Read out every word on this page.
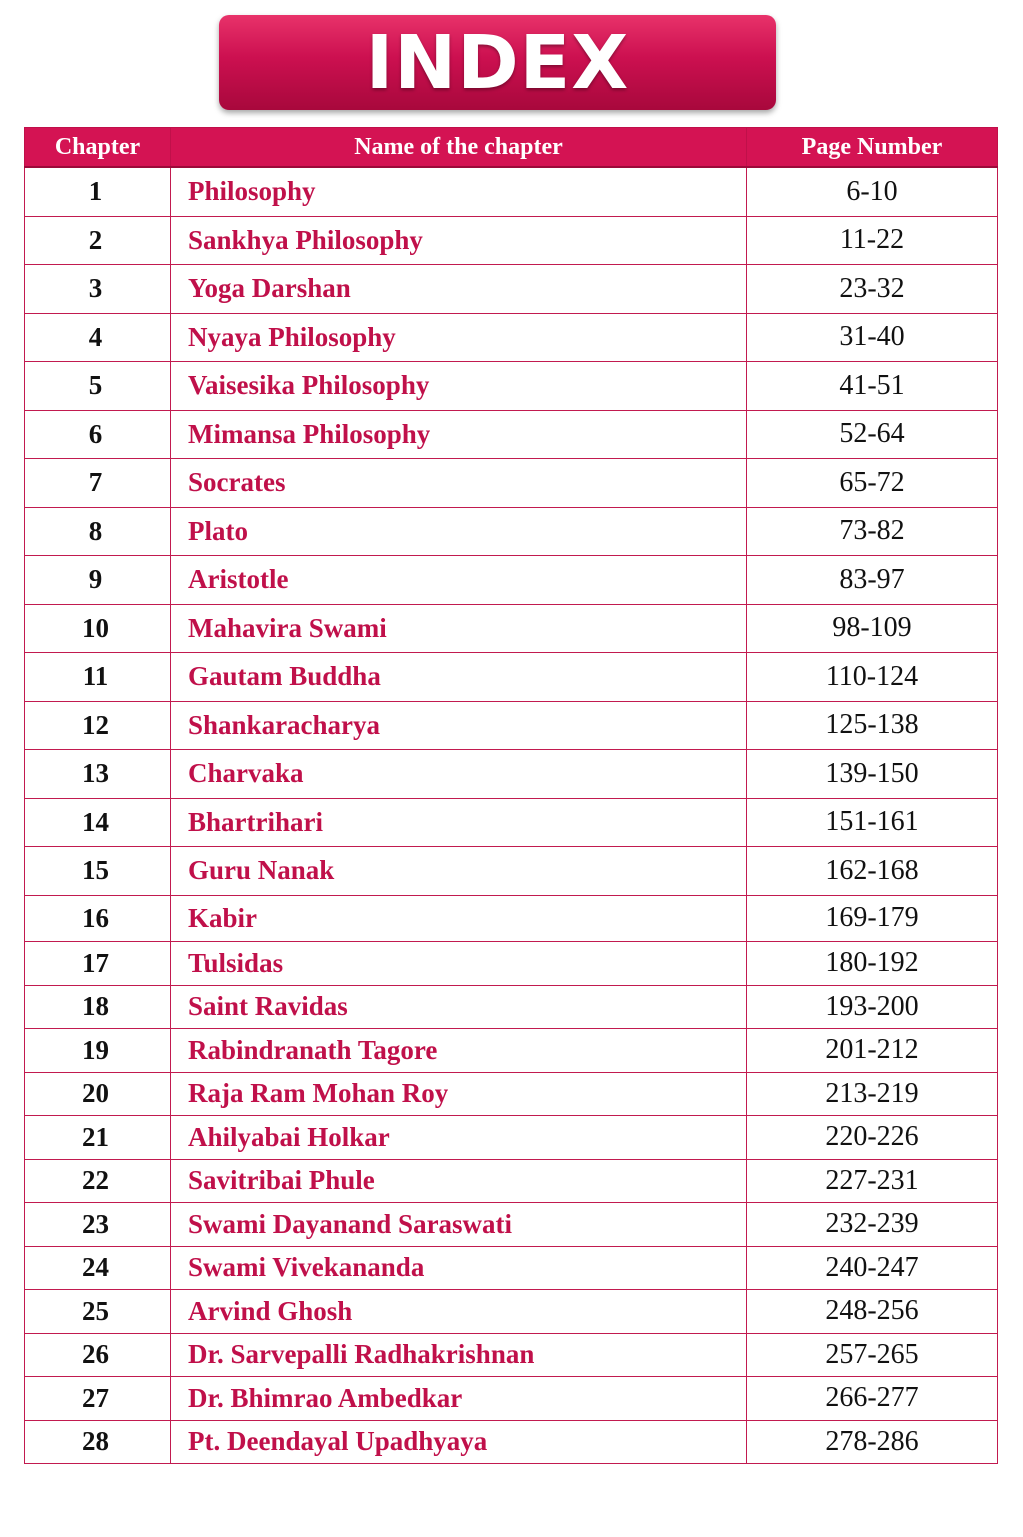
INDEX
Chapter	Name of the chapter	Page Number
1	Philosophy	6-10
2	Sankhya Philosophy	11-22
3	Yoga Darshan	23-32
4	Nyaya Philosophy	31-40
5	Vaisesika Philosophy	41-51
6	Mimansa Philosophy	52-64
7	Socrates	65-72
8	Plato	73-82
9	Aristotle	83-97
10	Mahavira Swami	98-109
11	Gautam Buddha	110-124
12	Shankaracharya	125-138
13	Charvaka	139-150
14	Bhartrihari	151-161
15	Guru Nanak	162-168
16	Kabir	169-179
17	Tulsidas	180-192
18	Saint Ravidas	193-200
19	Rabindranath Tagore	201-212
20	Raja Ram Mohan Roy	213-219
21	Ahilyabai Holkar	220-226
22	Savitribai Phule	227-231
23	Swami Dayanand Saraswati	232-239
24	Swami Vivekananda	240-247
25	Arvind Ghosh	248-256
26	Dr. Sarvepalli Radhakrishnan	257-265
27	Dr. Bhimrao Ambedkar	266-277
28	Pt. Deendayal Upadhyaya	278-286
